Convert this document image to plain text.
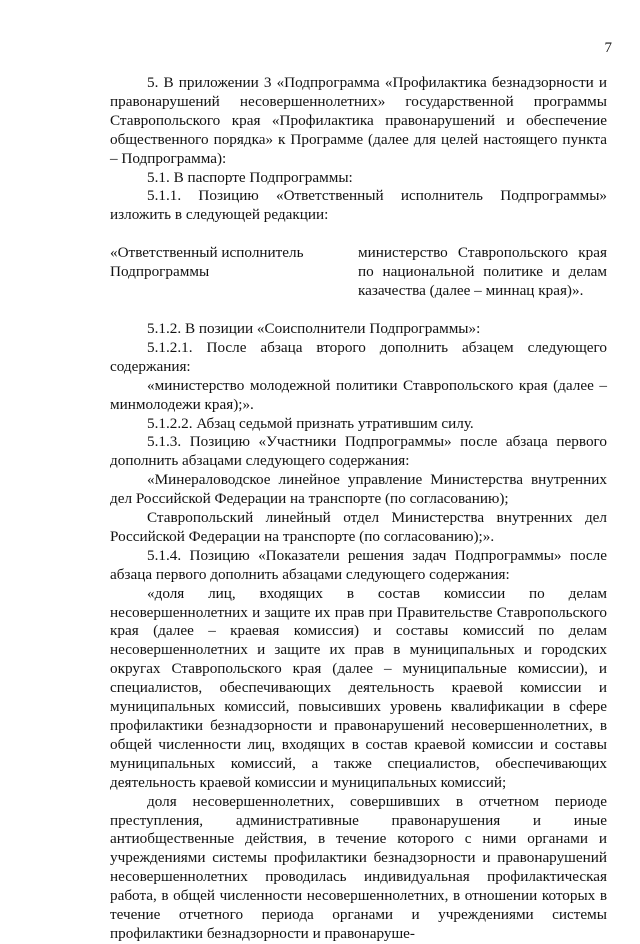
7

5. В приложении 3 «Подпрограмма «Профилактика безнадзорности и правонарушений несовершеннолетних» государственной программы Ставропольского края «Профилактика правонарушений и обеспечение общественного порядка» к Программе (далее для целей настоящего пункта – Подпрограмма):

5.1. В паспорте Подпрограммы:

5.1.1. Позицию «Ответственный исполнитель Подпрограммы» изложить в следующей редакции:

«Ответственный исполнитель
Подпрограммы
министерство Ставропольского края по национальной политике и делам казачества (далее – миннац края)».

5.1.2. В позиции «Соисполнители Подпрограммы»:

5.1.2.1. После абзаца второго дополнить абзацем следующего содержания:

«министерство молодежной политики Ставропольского края (далее – минмолодежи края);».

5.1.2.2. Абзац седьмой признать утратившим силу.

5.1.3. Позицию «Участники Подпрограммы» после абзаца первого дополнить абзацами следующего содержания:

«Минераловодское линейное управление Министерства внутренних дел Российской Федерации на транспорте (по согласованию);

Ставропольский линейный отдел Министерства внутренних дел Российской Федерации на транспорте (по согласованию);».

5.1.4. Позицию «Показатели решения задач Подпрограммы» после абзаца первого дополнить абзацами следующего содержания:

«доля лиц, входящих в состав комиссии по делам несовершеннолетних и защите их прав при Правительстве Ставропольского края (далее – краевая комиссия) и составы комиссий по делам несовершеннолетних и защите их прав в муниципальных и городских округах Ставропольского края (далее – муниципальные комиссии), и специалистов, обеспечивающих деятельность краевой комиссии и муниципальных комиссий, повысивших уровень квалификации в сфере профилактики безнадзорности и правонарушений несовершеннолетних, в общей численности лиц, входящих в состав краевой комиссии и составы муниципальных комиссий, а также специалистов, обеспечивающих деятельность краевой комиссии и муниципальных комиссий;

доля несовершеннолетних, совершивших в отчетном периоде преступления, административные правонарушения и иные антиобщественные действия, в течение которого с ними органами и учреждениями системы профилактики безнадзорности и правонарушений несовершеннолетних проводилась индивидуальная профилактическая работа, в общей численности несовершеннолетних, в отношении которых в течение отчетного периода органами и учреждениями системы профилактики безнадзорности и правонаруше-
